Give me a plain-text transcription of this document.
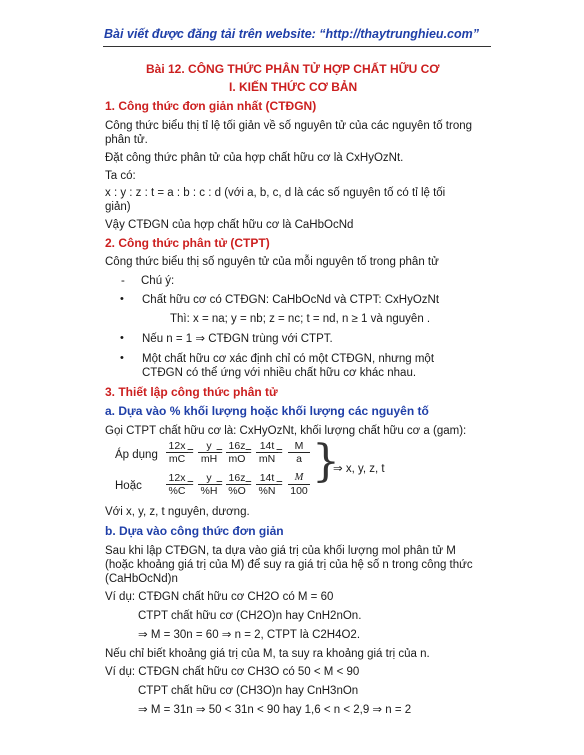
Bài viết được đăng tải trên website: “http://thaytrunghieu.com”
Bài 12. CÔNG THỨC PHÂN TỬ HỢP CHẤT HỮU CƠ
I. KIẾN THỨC CƠ BẢN
1. Công thức đơn giản nhất (CTĐGN)
Công thức biểu thị tỉ lệ tối giản về số nguyên tử của các nguyên tố trong
phân tử.
Đặt công thức phân tử của hợp chất hữu cơ là CxHyOzNt.
Ta có:
x : y : z : t = a : b : c : d (với a, b, c, d là các số nguyên tố có tỉ lệ tối
giản)
Vậy CTĐGN của hợp chất hữu cơ là CaHbOcNd
2. Công thức phân tử (CTPT)
Công thức biểu thị số nguyên tử của mỗi nguyên tố trong phân tử
- Chú ý:
• Chất hữu cơ có CTĐGN: CaHbOcNd và CTPT: CxHyOzNt
Thì: x = na; y = nb; z = nc; t = nd, n ≥ 1 và nguyên .
• Nếu n = 1 ⇒ CTĐGN trùng với CTPT.
• Một chất hữu cơ xác định chỉ có một CTĐGN, nhưng một
CTĐGN có thể ứng với nhiều chất hữu cơ khác nhau.
3. Thiết lập công thức phân tử
a. Dựa vào % khối lượng hoặc khối lượng các nguyên tố
Gọi CTPT chất hữu cơ là: CxHyOzNt, khối lượng chất hữu cơ a (gam):
Áp dụng
Hoặc
$\frac{12x}{mC} \frac{y}{mH} \frac{16z}{mO} \frac{14t}{mN} \frac{M}{a}$
= = = =
$\frac{12x}{\%C} \frac{y}{\%H} \frac{16z}{\%O} \frac{14t}{\%N} \frac{M}{100}$
= = = = }
⇒ x, y, z, t
Với x, y, z, t nguyên, dương.
b. Dựa vào công thức đơn giản
Sau khi lập CTĐGN, ta dựa vào giá trị của khối lượng mol phân tử M
(hoặc khoảng giá trị của M) để suy ra giá trị của hệ số n trong công thức
(CaHbOcNd)n
Ví dụ: CTĐGN chất hữu cơ CH2O có M = 60
CTPT chất hữu cơ (CH2O)n hay CnH2nOn.
⇒ M = 30n = 60 ⇒ n = 2, CTPT là C2H4O2.
Nếu chỉ biết khoảng giá trị của M, ta suy ra khoảng giá trị của n.
Ví dụ: CTĐGN chất hữu cơ CH3O có 50 < M < 90
CTPT chất hữu cơ (CH3O)n hay CnH3nOn
⇒ M = 31n ⇒ 50 < 31n < 90 hay 1,6 < n < 2,9 ⇒ n = 2
